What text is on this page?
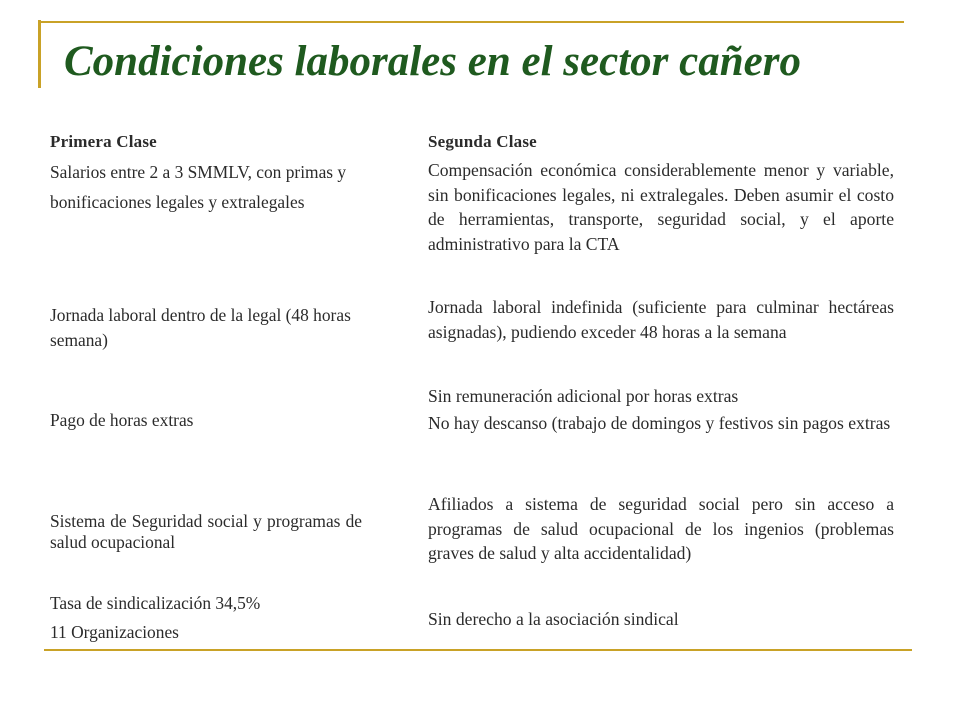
Condiciones laborales en el sector cañero
Primera Clase
Salarios entre 2 a 3 SMMLV, con primas y bonificaciones legales y extralegales
Jornada laboral dentro de la legal (48 horas semana)
Pago de horas extras
Sistema de Seguridad social y programas de salud ocupacional
Tasa de sindicalización 34,5%
11 Organizaciones
Segunda Clase
Compensación económica considerablemente menor y variable, sin bonificaciones legales, ni extralegales. Deben asumir el costo de herramientas, transporte, seguridad social, y el aporte administrativo para la CTA
Jornada laboral indefinida (suficiente para culminar hectáreas asignadas), pudiendo exceder 48 horas a la semana
Sin remuneración adicional por horas extras
No hay descanso (trabajo de domingos y festivos sin pagos extras
Afiliados a sistema de seguridad social pero sin acceso a programas de salud ocupacional de los ingenios (problemas graves de salud y alta accidentalidad)
Sin derecho a la asociación sindical
